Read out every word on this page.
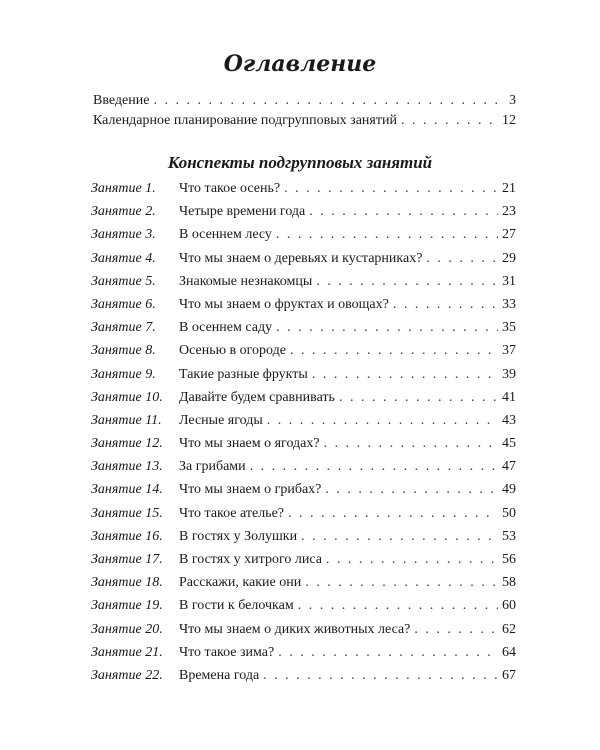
Оглавление
Введение . . .	3
Календарное планирование подгрупповых занятий . . .	12
Конспекты подгрупповых занятий
Занятие 1.	Что такое осень? . . .	21
Занятие 2.	Четыре времени года . . .	23
Занятие 3.	В осеннем лесу . . .	27
Занятие 4.	Что мы знаем о деревьях и кустарниках? . . .	29
Занятие 5.	Знакомые незнакомцы . . .	31
Занятие 6.	Что мы знаем о фруктах и овощах? . . .	33
Занятие 7.	В осеннем саду . . .	35
Занятие 8.	Осенью в огороде . . .	37
Занятие 9.	Такие разные фрукты . . .	39
Занятие 10.	Давайте будем сравнивать . . .	41
Занятие 11.	Лесные ягоды . . .	43
Занятие 12.	Что мы знаем о ягодах? . . .	45
Занятие 13.	За грибами . . .	47
Занятие 14.	Что мы знаем о грибах? . . .	49
Занятие 15.	Что такое ателье? . . .	50
Занятие 16.	В гостях у Золушки . . .	53
Занятие 17.	В гостях у хитрого лиса . . .	56
Занятие 18.	Расскажи, какие они . . .	58
Занятие 19.	В гости к белочкам . . .	60
Занятие 20.	Что мы знаем о диких животных леса? . . .	62
Занятие 21.	Что такое зима? . . .	64
Занятие 22.	Времена года . . .	67
